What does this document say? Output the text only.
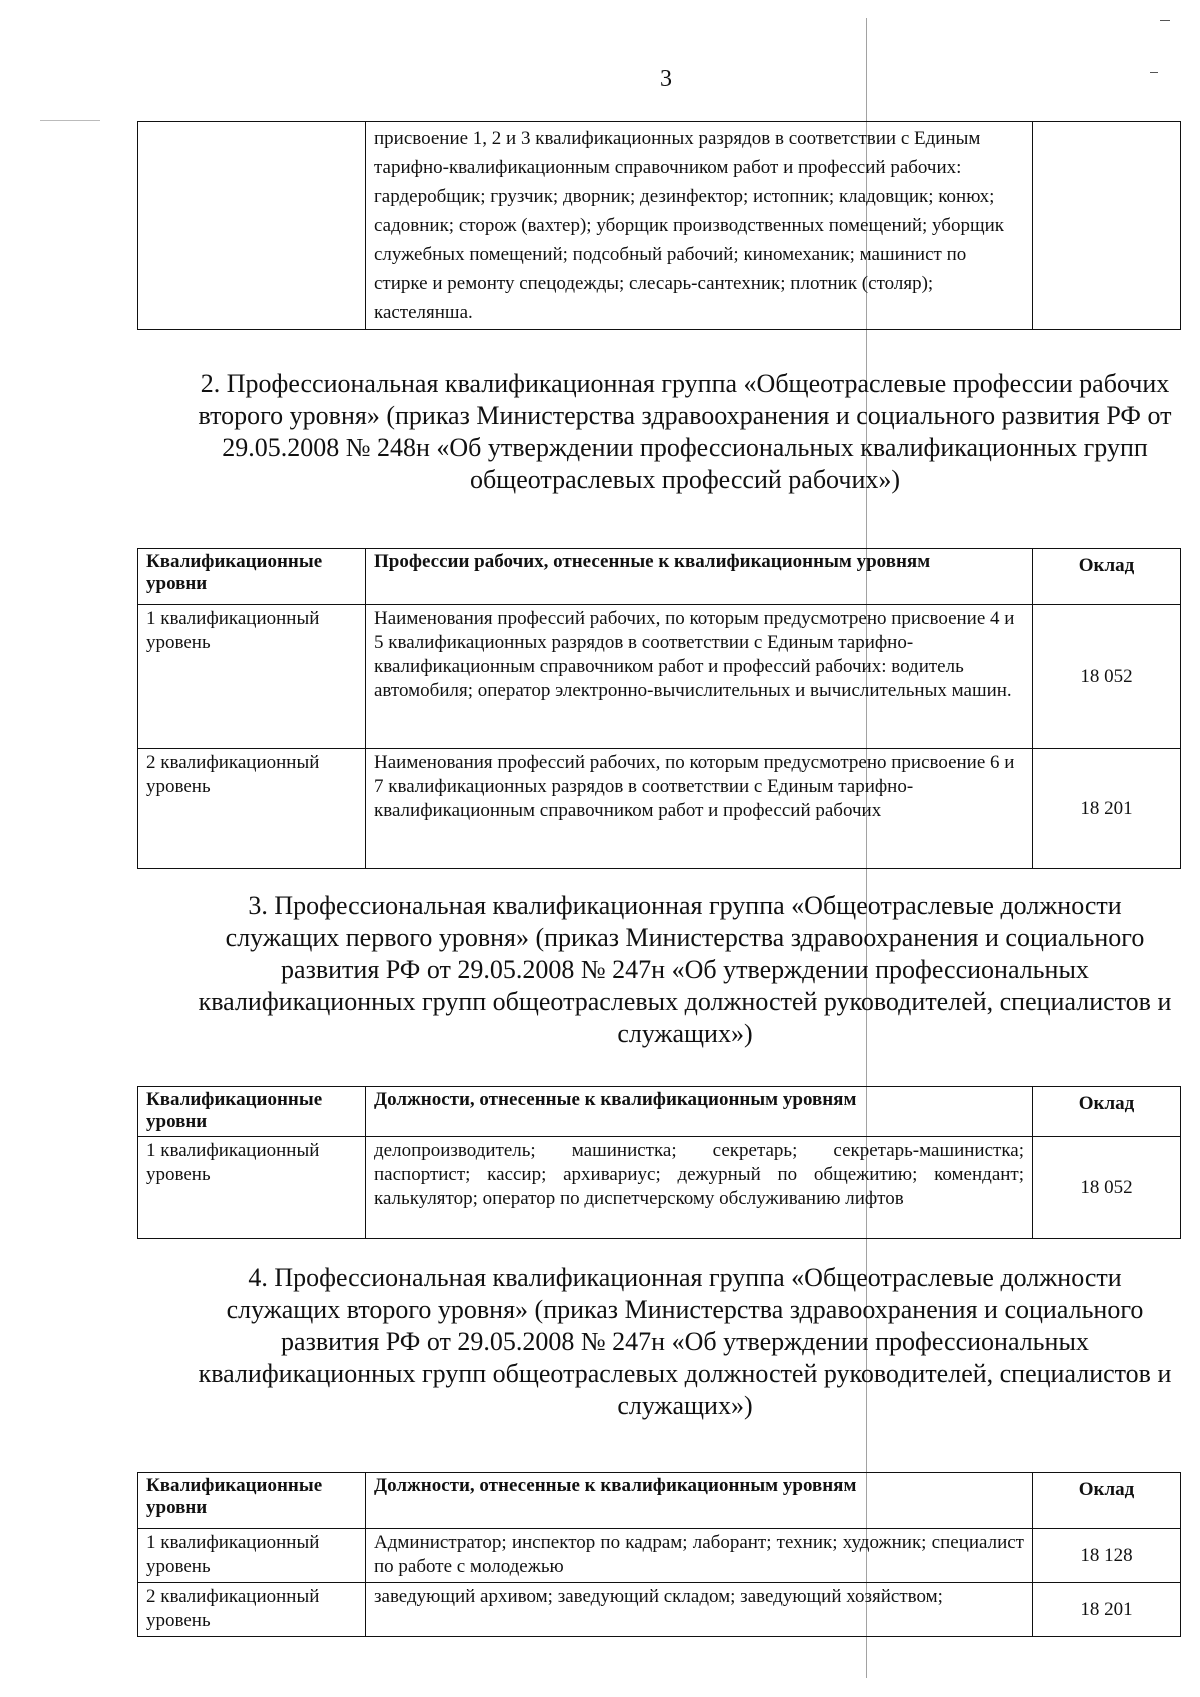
3
	присвоение 1, 2 и 3 квалификационных разрядов в соответствии с Единым тарифно-квалификационным справочником работ и профессий рабочих: гардеробщик; грузчик; дворник; дезинфектор; истопник; кладовщик; конюх; садовник; сторож (вахтер); уборщик производственных помещений; уборщик служебных помещений; подсобный рабочий; киномеханик; машинист по стирке и ремонту спецодежды; слесарь-сантехник; плотник (столяр); кастелянша.	
2. Профессиональная квалификационная группа «Общеотраслевые профессии рабочих второго уровня» (приказ Министерства здравоохранения и социального развития РФ от 29.05.2008 № 248н «Об утверждении профессиональных квалификационных групп общеотраслевых профессий рабочих»)
Квалификационные уровни	Профессии рабочих, отнесенные к квалификационным уровням	Оклад
1 квалификационный уровень	Наименования профессий рабочих, по которым предусмотрено присвоение 4 и 5 квалификационных разрядов в соответствии с Единым тарифно-квалификационным справочником работ и профессий рабочих: водитель автомобиля; оператор электронно-вычислительных и вычислительных машин.	18 052
2 квалификационный уровень	Наименования профессий рабочих, по которым предусмотрено присвоение 6 и 7 квалификационных разрядов в соответствии с Единым тарифно-квалификационным справочником работ и профессий рабочих	18 201
3. Профессиональная квалификационная группа «Общеотраслевые должности служащих первого уровня» (приказ Министерства здравоохранения и социального развития РФ от 29.05.2008 № 247н «Об утверждении профессиональных квалификационных групп общеотраслевых должностей руководителей, специалистов и служащих»)
Квалификационные уровни	Должности, отнесенные к квалификационным уровням	Оклад
1 квалификационный уровень	делопроизводитель; машинистка; секретарь; секретарь-машинистка; паспортист; кассир; архивариус; дежурный по общежитию; комендант; калькулятор; оператор по диспетчерскому обслуживанию лифтов	18 052
4. Профессиональная квалификационная группа «Общеотраслевые должности служащих второго уровня» (приказ Министерства здравоохранения и социального развития РФ от 29.05.2008 № 247н «Об утверждении профессиональных квалификационных групп общеотраслевых должностей руководителей, специалистов и служащих»)
Квалификационные уровни	Должности, отнесенные к квалификационным уровням	Оклад
1 квалификационный уровень	Администратор; инспектор по кадрам; лаборант; техник; художник; специалист по работе с молодежью	18 128
2 квалификационный уровень	заведующий архивом; заведующий складом; заведующий хозяйством;	18 201
